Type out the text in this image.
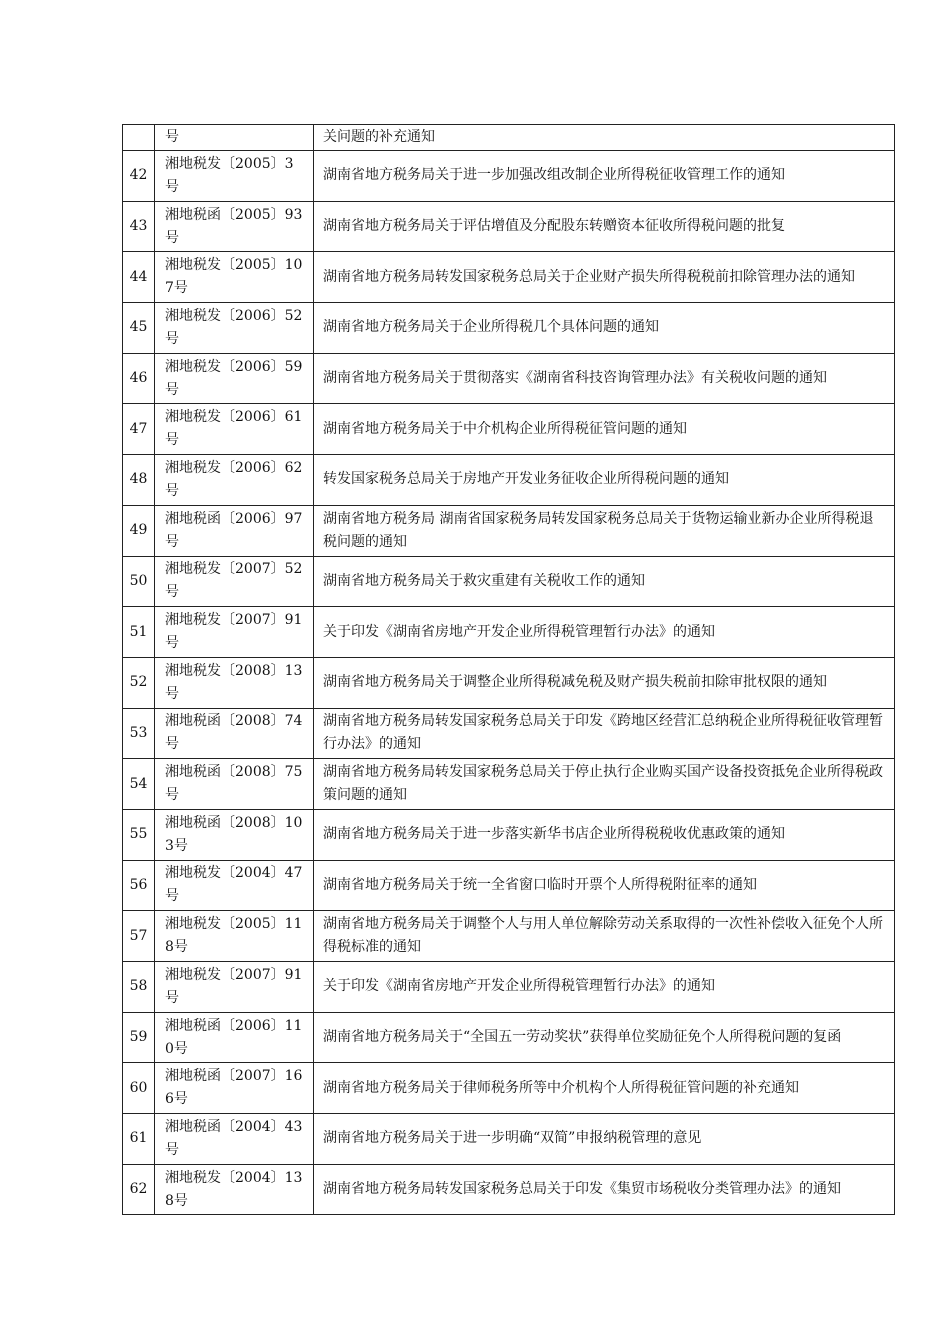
	号	关问题的补充通知
42	湘地税发〔2005〕3号	湖南省地方税务局关于进一步加强改组改制企业所得税征收管理工作的通知
43	湘地税函〔2005〕93号	湖南省地方税务局关于评估增值及分配股东转赠资本征收所得税问题的批复
44	湘地税发〔2005〕107号	湖南省地方税务局转发国家税务总局关于企业财产损失所得税税前扣除管理办法的通知
45	湘地税发〔2006〕52号	湖南省地方税务局关于企业所得税几个具体问题的通知
46	湘地税发〔2006〕59号	湖南省地方税务局关于贯彻落实《湖南省科技咨询管理办法》有关税收问题的通知
47	湘地税发〔2006〕61号	湖南省地方税务局关于中介机构企业所得税征管问题的通知
48	湘地税发〔2006〕62号	转发国家税务总局关于房地产开发业务征收企业所得税问题的通知
49	湘地税函〔2006〕97号	湖南省地方税务局 湖南省国家税务局转发国家税务总局关于货物运输业新办企业所得税退税问题的通知
50	湘地税发〔2007〕52号	湖南省地方税务局关于救灾重建有关税收工作的通知
51	湘地税发〔2007〕91号	关于印发《湖南省房地产开发企业所得税管理暂行办法》的通知
52	湘地税发〔2008〕13号	湖南省地方税务局关于调整企业所得税减免税及财产损失税前扣除审批权限的通知
53	湘地税函〔2008〕74号	湖南省地方税务局转发国家税务总局关于印发《跨地区经营汇总纳税企业所得税征收管理暂行办法》的通知
54	湘地税函〔2008〕75号	湖南省地方税务局转发国家税务总局关于停止执行企业购买国产设备投资抵免企业所得税政策问题的通知
55	湘地税函〔2008〕103号	湖南省地方税务局关于进一步落实新华书店企业所得税税收优惠政策的通知
56	湘地税发〔2004〕47号	湖南省地方税务局关于统一全省窗口临时开票个人所得税附征率的通知
57	湘地税发〔2005〕118号	湖南省地方税务局关于调整个人与用人单位解除劳动关系取得的一次性补偿收入征免个人所得税标准的通知
58	湘地税发〔2007〕91号	关于印发《湖南省房地产开发企业所得税管理暂行办法》的通知
59	湘地税函〔2006〕110号	湖南省地方税务局关于“全国五一劳动奖状”获得单位奖励征免个人所得税问题的复函
60	湘地税函〔2007〕166号	湖南省地方税务局关于律师税务所等中介机构个人所得税征管问题的补充通知
61	湘地税函〔2004〕43号	湖南省地方税务局关于进一步明确“双简”申报纳税管理的意见
62	湘地税发〔2004〕138号	湖南省地方税务局转发国家税务总局关于印发《集贸市场税收分类管理办法》的通知
